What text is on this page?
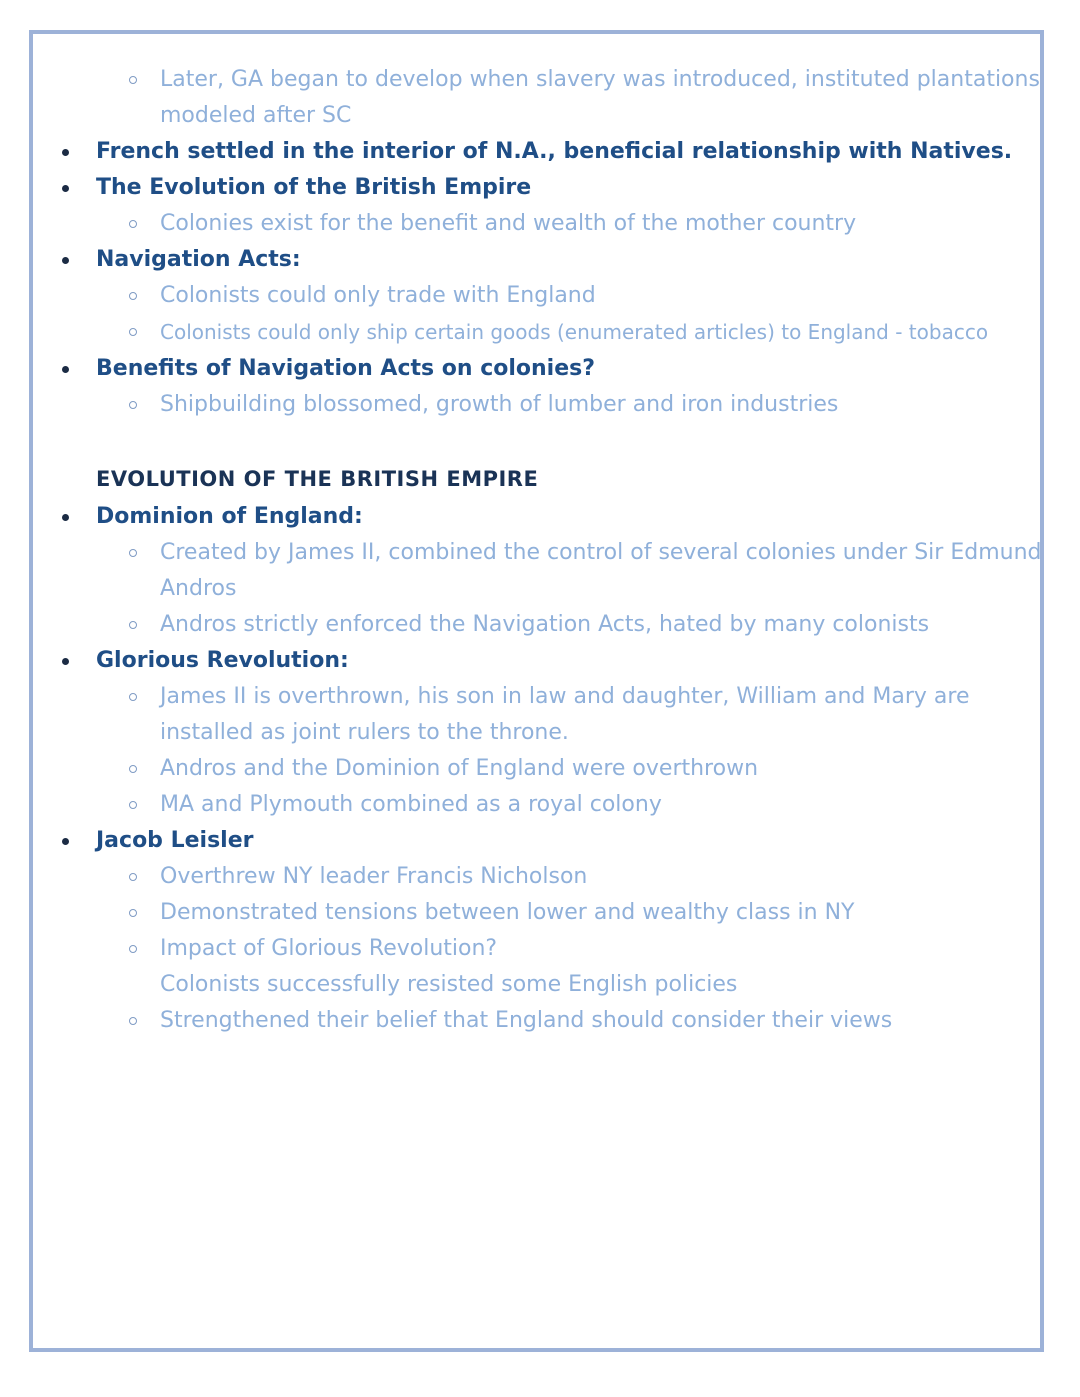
Later, GA began to develop when slavery was introduced, instituted plantations
modeled after SC
French settled in the interior of N.A., beneficial relationship with Natives.
The Evolution of the British Empire
Colonies exist for the benefit and wealth of the mother country
Navigation Acts:
Colonists could only trade with England
Colonists could only ship certain goods (enumerated articles) to England - tobacco
Benefits of Navigation Acts on colonies?
Shipbuilding blossomed, growth of lumber and iron industries
EVOLUTION OF THE BRITISH EMPIRE
Dominion of England:
Created by James II, combined the control of several colonies under Sir Edmund
Andros
Andros strictly enforced the Navigation Acts, hated by many colonists
Glorious Revolution:
James II is overthrown, his son in law and daughter, William and Mary are
installed as joint rulers to the throne.
Andros and the Dominion of England were overthrown
MA and Plymouth combined as a royal colony
Jacob Leisler
Overthrew NY leader Francis Nicholson
Demonstrated tensions between lower and wealthy class in NY
Impact of Glorious Revolution?
Colonists successfully resisted some English policies
Strengthened their belief that England should consider their views
